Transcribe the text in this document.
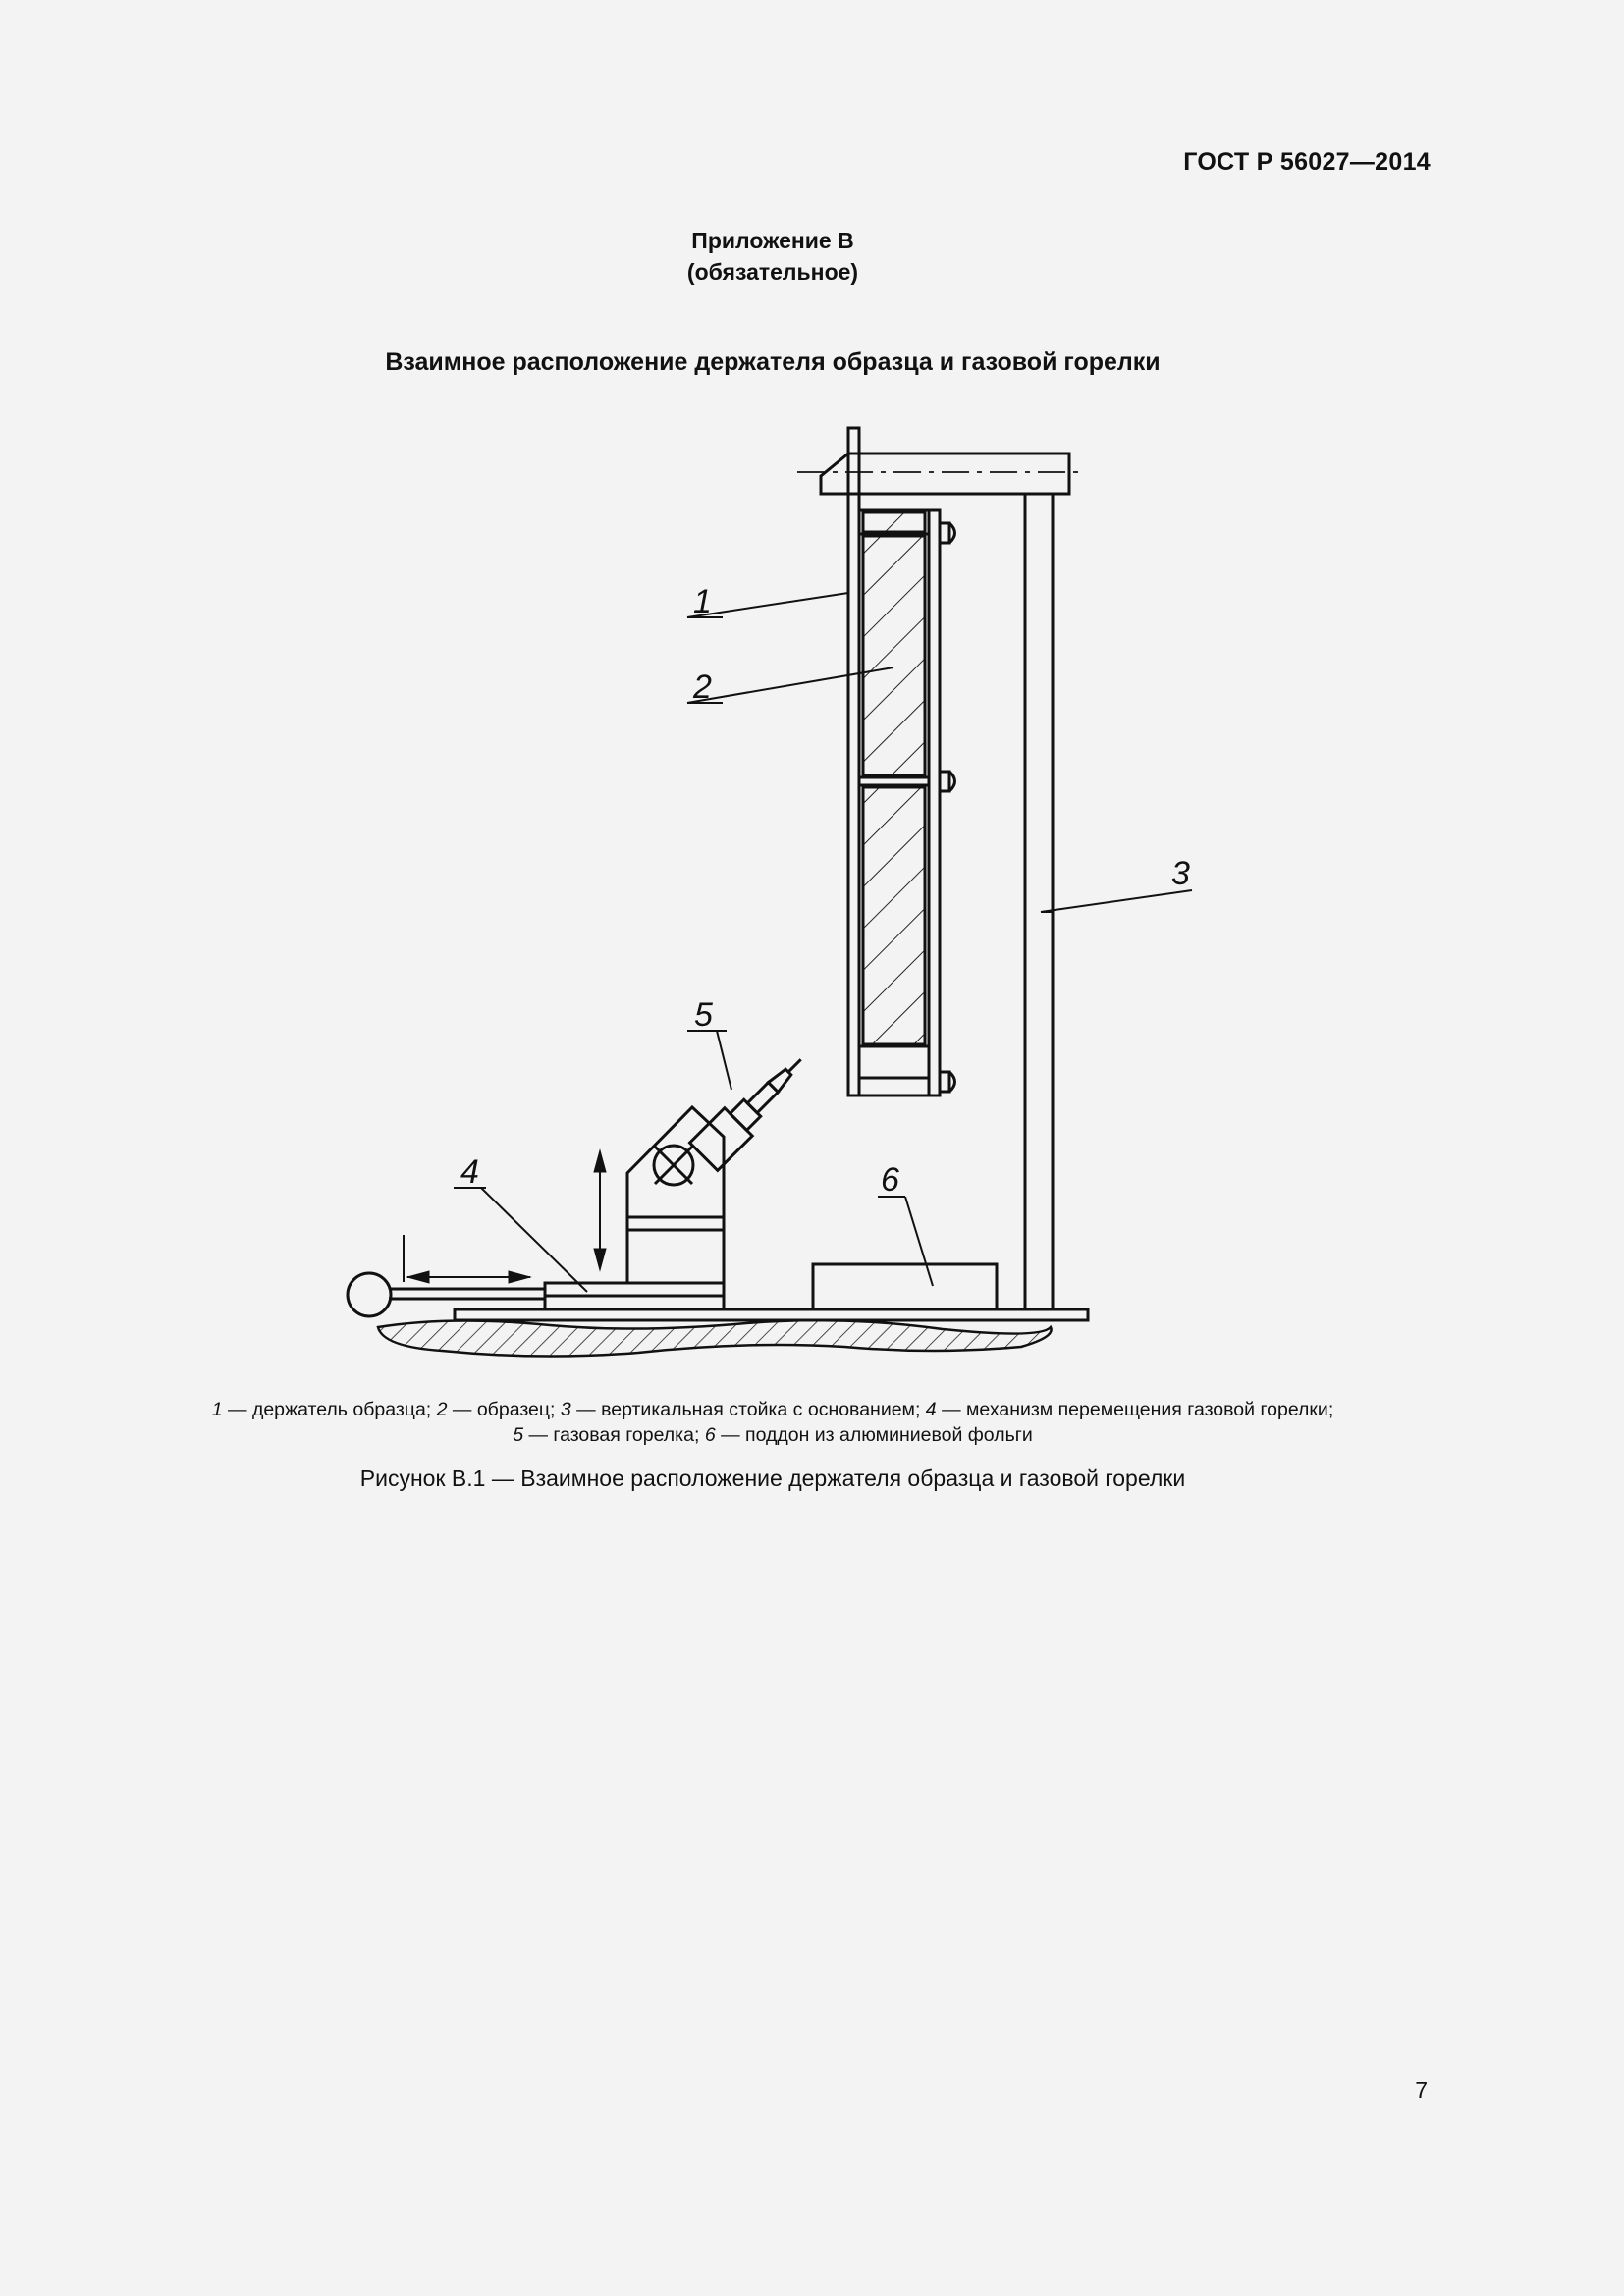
ГОСТ Р 56027—2014
Приложение В
(обязательное)
Взаимное расположение держателя образца и газовой горелки
1
2
3
4
5
6
1 — держатель образца; 2 — образец; 3 — вертикальная стойка с основанием; 4 — механизм перемещения газовой горелки;
5 — газовая горелка; 6 — поддон из алюминиевой фольги
Рисунок В.1 — Взаимное расположение держателя образца и газовой горелки
7
